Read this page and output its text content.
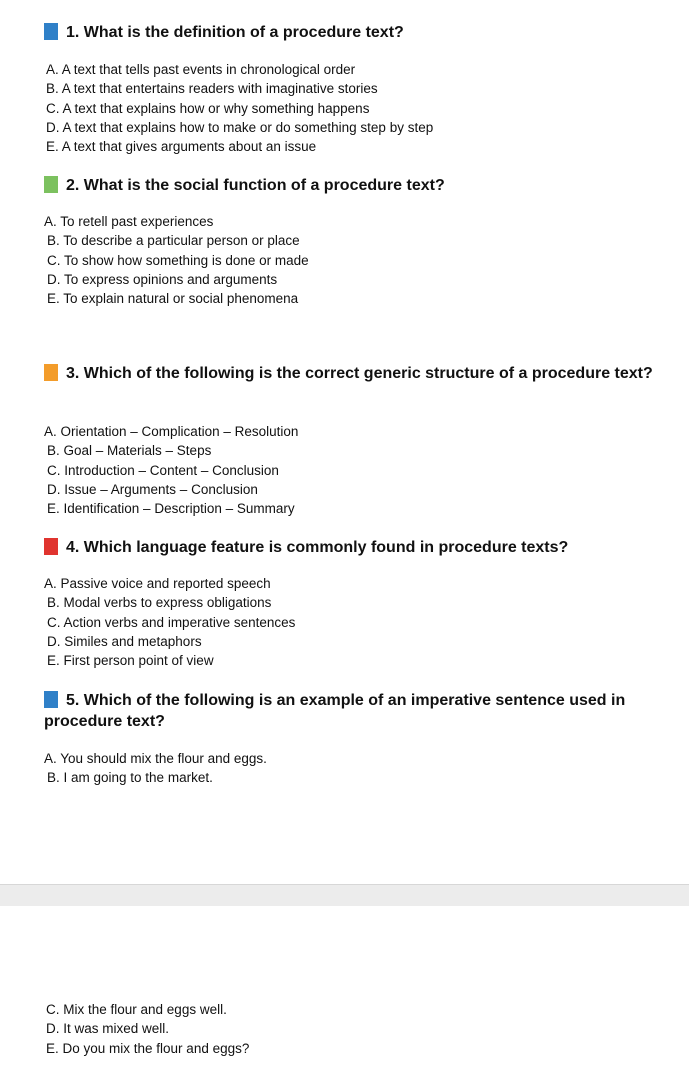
1. What is the definition of a procedure text?

A. A text that tells past events in chronological order
B. A text that entertains readers with imaginative stories
C. A text that explains how or why something happens
D. A text that explains how to make or do something step by step
E. A text that gives arguments about an issue

2. What is the social function of a procedure text?

A. To retell past experiences
B. To describe a particular person or place
C. To show how something is done or made
D. To express opinions and arguments
E. To explain natural or social phenomena

3. Which of the following is the correct generic structure of a procedure text?

A. Orientation – Complication – Resolution
B. Goal – Materials – Steps
C. Introduction – Content – Conclusion
D. Issue – Arguments – Conclusion
E. Identification – Description – Summary

4. Which language feature is commonly found in procedure texts?

A. Passive voice and reported speech
B. Modal verbs to express obligations
C. Action verbs and imperative sentences
D. Similes and metaphors
E. First person point of view

5. Which of the following is an example of an imperative sentence used in procedure text?

A. You should mix the flour and eggs.
B. I am going to the market.
C. Mix the flour and eggs well.
D. It was mixed well.
E. Do you mix the flour and eggs?
